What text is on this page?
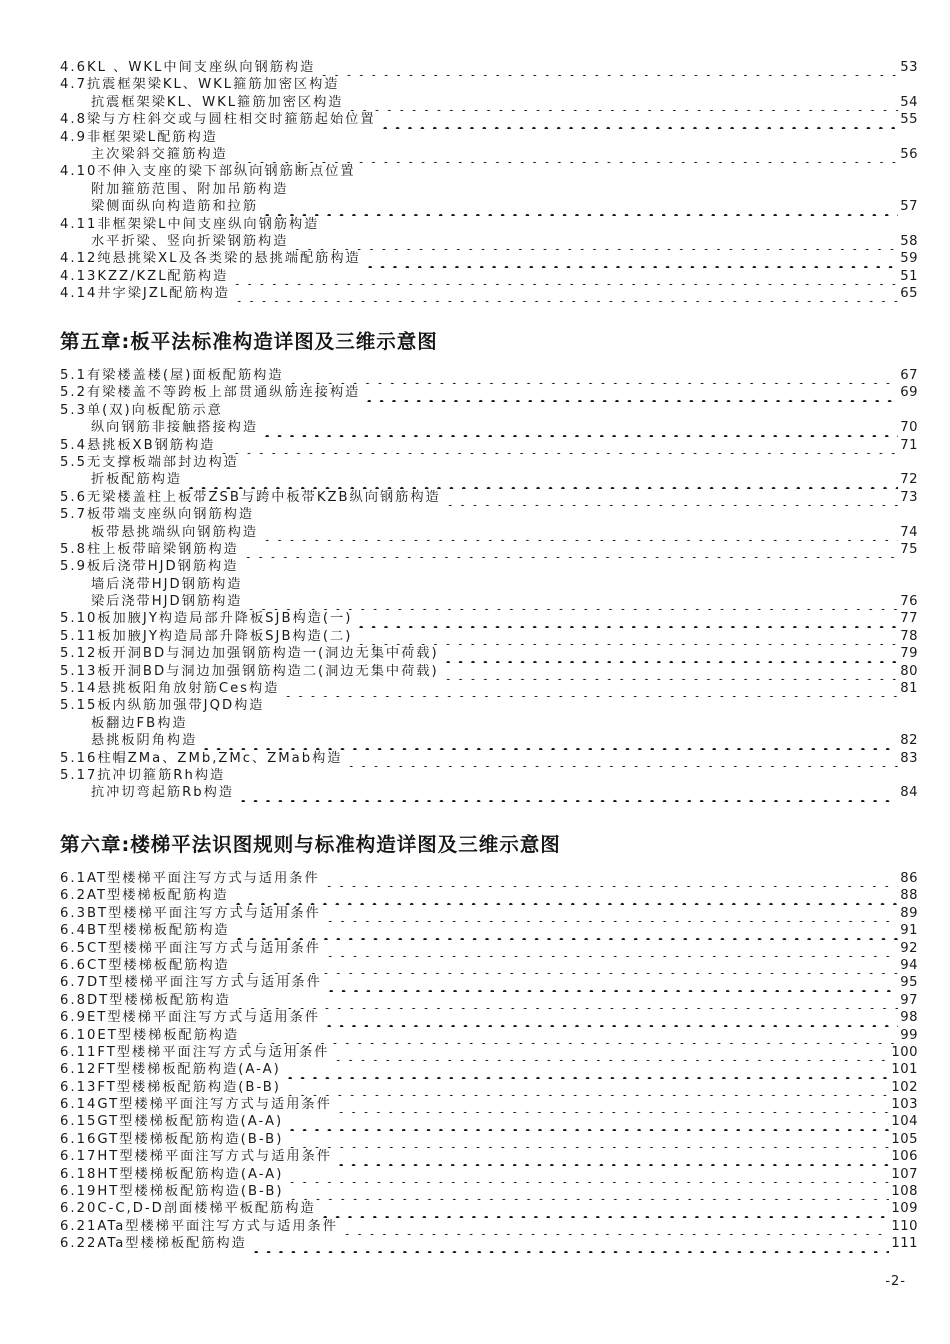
4.6KL 、WKL中间支座纵向钢筋构造	53
4.7抗震框架梁KL、WKL箍筋加密区构造
抗震框架梁KL、WKL箍筋加密区构造	54
4.8梁与方柱斜交或与圆柱相交时箍筋起始位置	55
4.9非框架梁L配筋构造
主次梁斜交箍筋构造	56
4.10不伸入支座的梁下部纵向钢筋断点位置
附加箍筋范围、附加吊筋构造
梁侧面纵向构造筋和拉筋	57
4.11非框架梁L中间支座纵向钢筋构造
水平折梁、竖向折梁钢筋构造	58
4.12纯悬挑梁XL及各类梁的悬挑端配筋构造	59
4.13KZZ/KZL配筋构造	51
4.14井字梁JZL配筋构造	65
第五章:板平法标准构造详图及三维示意图
5.1有梁楼盖楼(屋)面板配筋构造	67
5.2有梁楼盖不等跨板上部贯通纵筋连接构造	69
5.3单(双)向板配筋示意
纵向钢筋非接触搭接构造	70
5.4悬挑板XB钢筋构造	71
5.5无支撑板端部封边构造
折板配筋构造	72
5.6无梁楼盖柱上板带ZSB与跨中板带KZB纵向钢筋构造	73
5.7板带端支座纵向钢筋构造
板带悬挑端纵向钢筋构造	74
5.8柱上板带暗梁钢筋构造	75
5.9板后浇带HJD钢筋构造
墙后浇带HJD钢筋构造
梁后浇带HJD钢筋构造	76
5.10板加腋JY构造局部升降板SJB构造(一)	77
5.11板加腋JY构造局部升降板SJB构造(二)	78
5.12板开洞BD与洞边加强钢筋构造一(洞边无集中荷载)	79
5.13板开洞BD与洞边加强钢筋构造二(洞边无集中荷载)	80
5.14悬挑板阳角放射筋Ces构造	81
5.15板内纵筋加强带JQD构造
板翻边FB构造
悬挑板阴角构造	82
5.16柱帽ZMa、ZMb,ZMc、ZMab构造	83
5.17抗冲切箍筋Rh构造
抗冲切弯起筋Rb构造	84
第六章:楼梯平法识图规则与标准构造详图及三维示意图
6.1AT型楼梯平面注写方式与适用条件	86
6.2AT型楼梯板配筋构造	88
6.3BT型楼梯平面注写方式与适用条件	89
6.4BT型楼梯板配筋构造	91
6.5CT型楼梯平面注写方式与适用条件	92
6.6CT型楼梯板配筋构造	94
6.7DT型楼梯平面注写方式与适用条件	95
6.8DT型楼梯板配筋构造	97
6.9ET型楼梯平面注写方式与适用条件	98
6.10ET型楼梯板配筋构造	99
6.11FT型楼梯平面注写方式与适用条件	100
6.12FT型楼梯板配筋构造(A-A)	101
6.13FT型楼梯板配筋构造(B-B)	102
6.14GT型楼梯平面注写方式与适用条件	103
6.15GT型楼梯板配筋构造(A-A)	104
6.16GT型楼梯板配筋构造(B-B)	105
6.17HT型楼梯平面注写方式与适用条件	106
6.18HT型楼梯板配筋构造(A-A)	107
6.19HT型楼梯板配筋构造(B-B)	108
6.20C-C,D-D剖面楼梯平板配筋构造	109
6.21ATa型楼梯平面注写方式与适用条件	110
6.22ATa型楼梯板配筋构造	111
-2-
